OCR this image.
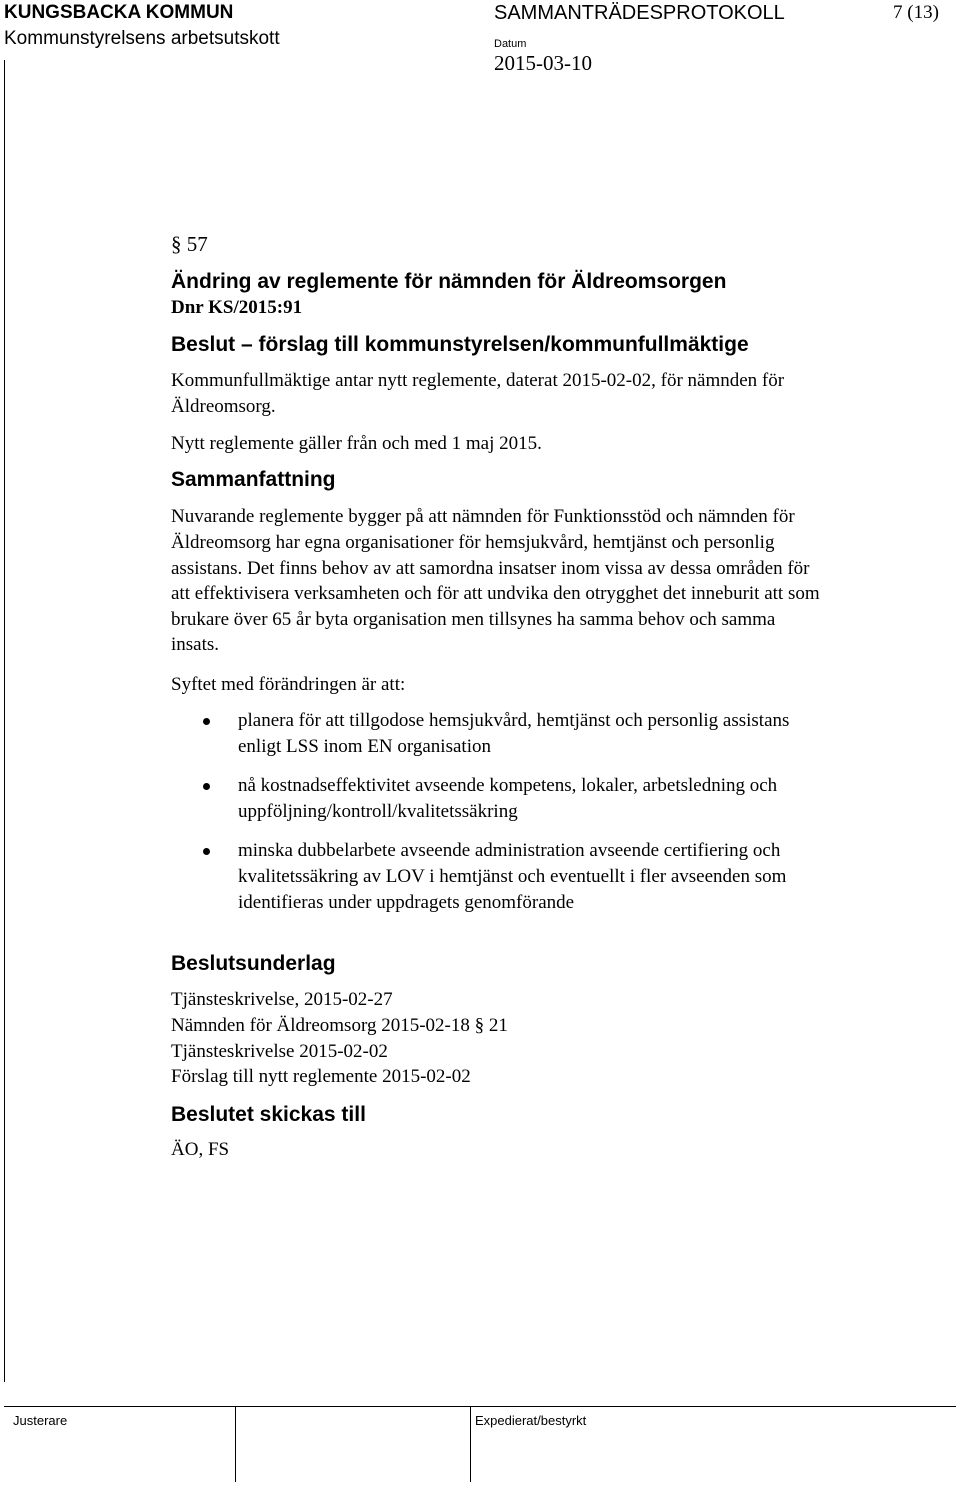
KUNGSBACKA KOMMUN
Kommunstyrelsens arbetsutskott
SAMMANTRÄDESPROTOKOLL	7 (13)
Datum
2015-03-10
§ 57
Ändring av reglemente för nämnden för Äldreomsorgen
Dnr KS/2015:91
Beslut – förslag till kommunstyrelsen/kommunfullmäktige
Kommunfullmäktige antar nytt reglemente, daterat 2015-02-02, för nämnden för
Äldreomsorg.
Nytt reglemente gäller från och med 1 maj 2015.
Sammanfattning
Nuvarande reglemente bygger på att nämnden för Funktionsstöd och nämnden för
Äldreomsorg har egna organisationer för hemsjukvård, hemtjänst och personlig
assistans. Det finns behov av att samordna insatser inom vissa av dessa områden för
att effektivisera verksamheten och för att undvika den otrygghet det inneburit att som
brukare över 65 år byta organisation men tillsynes ha samma behov och samma
insats.
Syftet med förändringen är att:
planera för att tillgodose hemsjukvård, hemtjänst och personlig assistans
enligt LSS inom EN organisation
nå kostnadseffektivitet avseende kompetens, lokaler, arbetsledning och
uppföljning/kontroll/kvalitetssäkring
minska dubbelarbete avseende administration avseende certifiering och
kvalitetssäkring av LOV i hemtjänst och eventuellt i fler avseenden som
identifieras under uppdragets genomförande
Beslutsunderlag
Tjänsteskrivelse, 2015-02-27
Nämnden för Äldreomsorg 2015-02-18 § 21
Tjänsteskrivelse 2015-02-02
Förslag till nytt reglemente 2015-02-02
Beslutet skickas till
ÄO, FS
Justerare	Expedierat/bestyrkt
